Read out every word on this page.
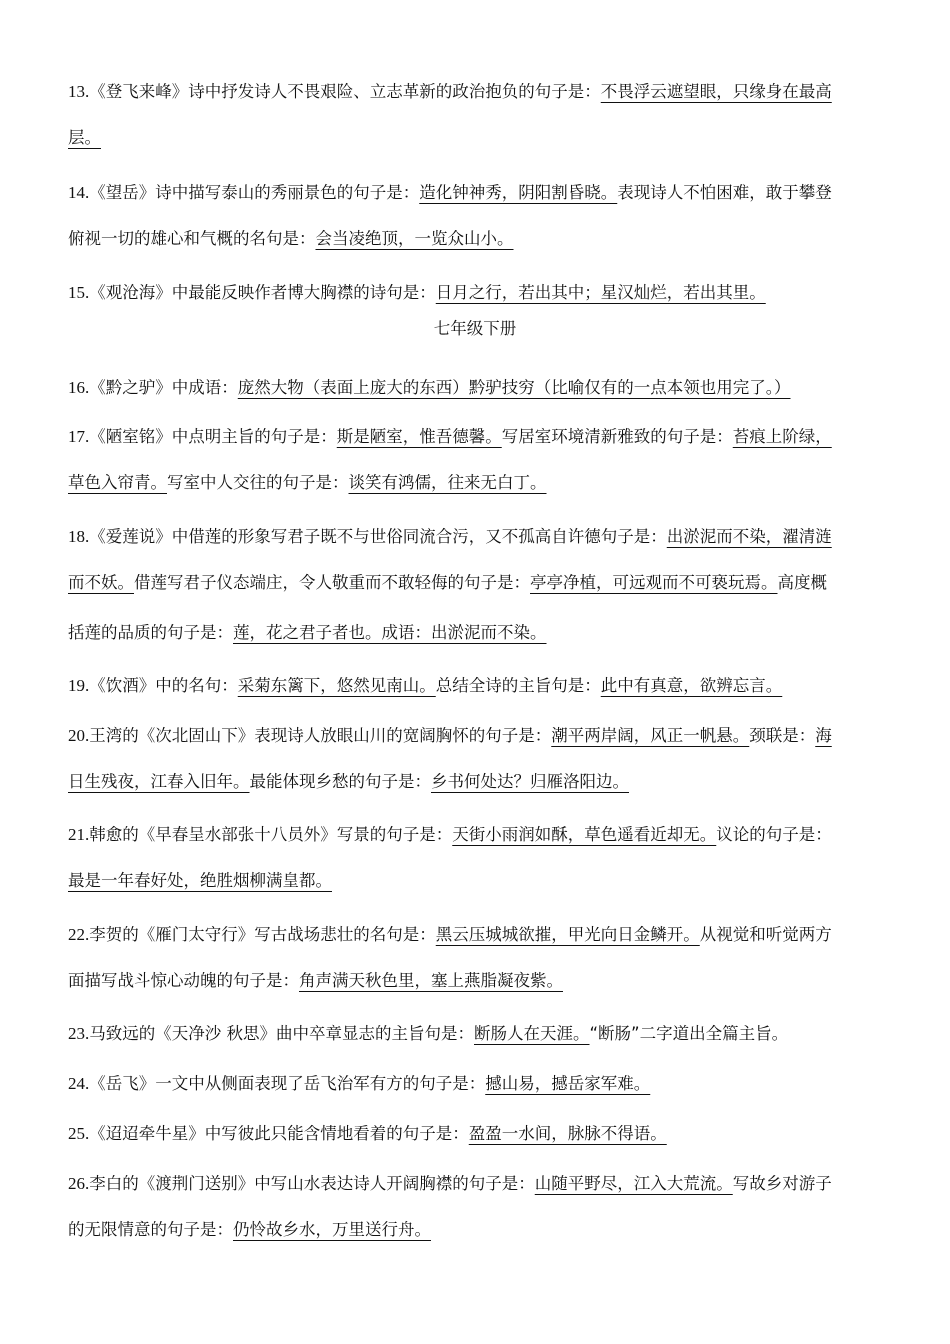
七年级下册
13.《登飞来峰》诗中抒发诗人不畏艰险、立志革新的政治抱负的句子是：不畏浮云遮望眼，只缘身在最高
层。
14.《望岳》诗中描写泰山的秀丽景色的句子是：造化钟神秀，阴阳割昏晓。表现诗人不怕困难，敢于攀登
俯视一切的雄心和气概的名句是：会当凌绝顶，一览众山小。
15.《观沧海》中最能反映作者博大胸襟的诗句是：日月之行，若出其中；星汉灿烂，若出其里。
16.《黔之驴》中成语：庞然大物（表面上庞大的东西）黔驴技穷（比喻仅有的一点本领也用完了。）
17.《陋室铭》中点明主旨的句子是：斯是陋室，惟吾德馨。写居室环境清新雅致的句子是：苔痕上阶绿，
草色入帘青。写室中人交往的句子是：谈笑有鸿儒，往来无白丁。
18.《爱莲说》中借莲的形象写君子既不与世俗同流合污，又不孤高自许德句子是：出淤泥而不染，濯清涟
而不妖。借莲写君子仪态端庄，令人敬重而不敢轻侮的句子是：亭亭净植，可远观而不可亵玩焉。高度概
括莲的品质的句子是：莲，花之君子者也。成语：出淤泥而不染。
19.《饮酒》中的名句：采菊东篱下，悠然见南山。总结全诗的主旨句是：此中有真意，欲辨忘言。
20.王湾的《次北固山下》表现诗人放眼山川的宽阔胸怀的句子是：潮平两岸阔，风正一帆悬。颈联是：海
日生残夜，江春入旧年。最能体现乡愁的句子是：乡书何处达？归雁洛阳边。
21.韩愈的《早春呈水部张十八员外》写景的句子是：天街小雨润如酥，草色遥看近却无。议论的句子是：
最是一年春好处，绝胜烟柳满皇都。
22.李贺的《雁门太守行》写古战场悲壮的名句是：黑云压城城欲摧，甲光向日金鳞开。从视觉和听觉两方
面描写战斗惊心动魄的句子是：角声满天秋色里，塞上燕脂凝夜紫。
23.马致远的《天净沙 秋思》曲中卒章显志的主旨句是：断肠人在天涯。“断肠”二字道出全篇主旨。
24.《岳飞》一文中从侧面表现了岳飞治军有方的句子是：撼山易，撼岳家军难。
25.《迢迢牵牛星》中写彼此只能含情地看着的句子是：盈盈一水间，脉脉不得语。
26.李白的《渡荆门送别》中写山水表达诗人开阔胸襟的句子是：山随平野尽，江入大荒流。写故乡对游子
的无限情意的句子是：仍怜故乡水，万里送行舟。
